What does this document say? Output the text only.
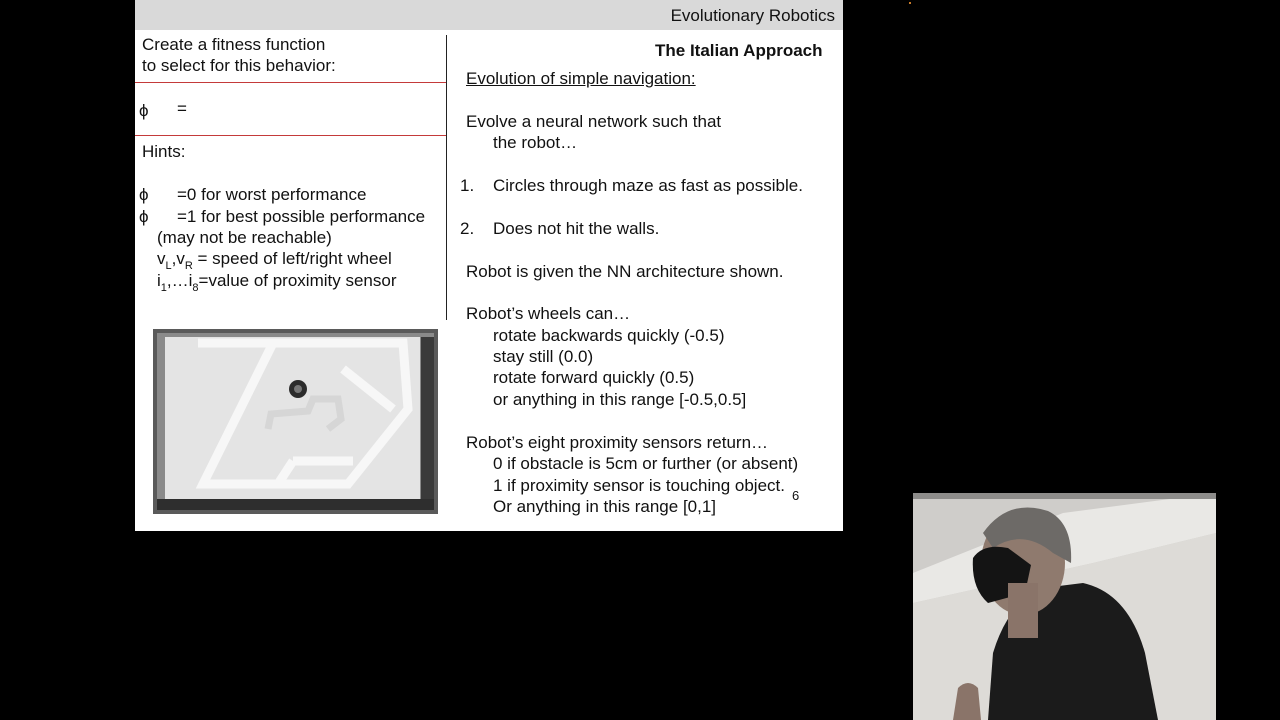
Evolutionary Robotics
Create a fitness function
to select for this behavior:
ϕ =
Hints:
ϕ =0 for worst performance
ϕ =1 for best possible performance
(may not be reachable)
$v_L,v_R$ = speed of left/right wheel
$i_1,\dots i_8=value$ of proximity sensor
The Italian Approach
Evolution of simple navigation:
Evolve a neural network such that
the robot…
1. Circles through maze as fast as possible.
2. Does not hit the walls.
Robot is given the NN architecture shown.
Robot’s wheels can…
rotate backwards quickly (-0.5)
stay still (0.0)
rotate forward quickly (0.5)
or anything in this range [-0.5,0.5]
Robot’s eight proximity sensors return…
0 if obstacle is 5cm or further (or absent)
1 if proximity sensor is touching object.
Or anything in this range [0,1]
6
